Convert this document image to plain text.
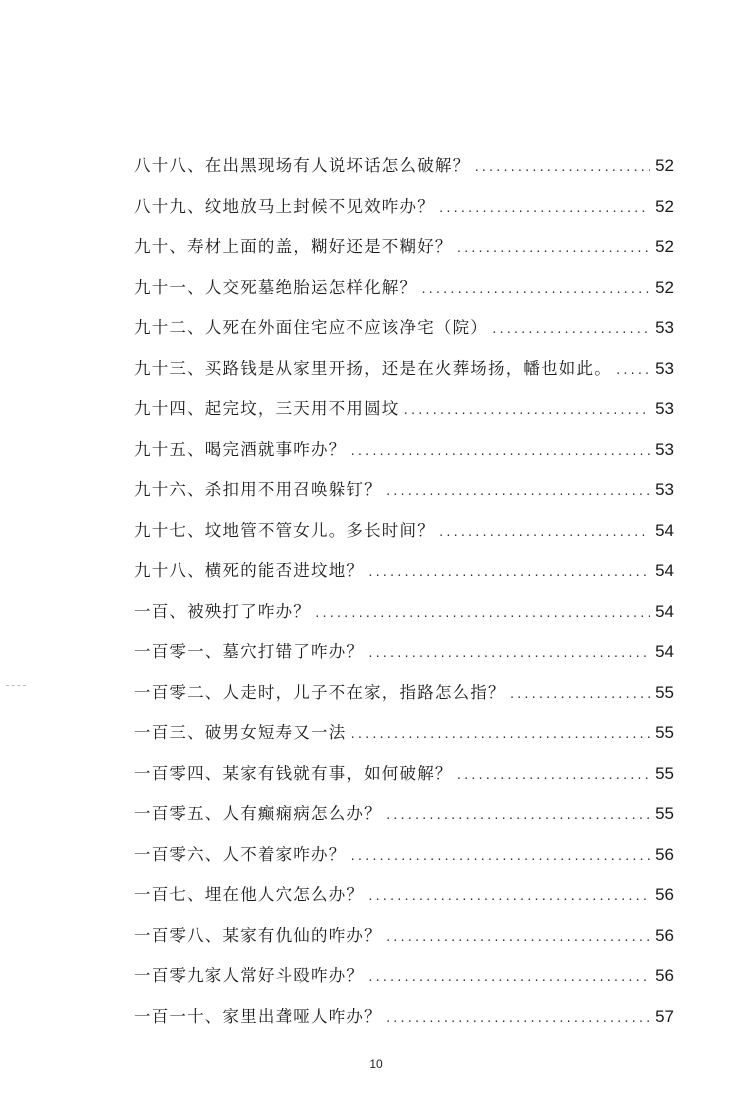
八十八、在出黑现场有人说坏话怎么破解？ .....	52
八十九、纹地放马上封候不见效咋办？ .....	52
九十、寿材上面的盖，糊好还是不糊好？ .....	52
九十一、人交死墓绝胎运怎样化解？ .....	52
九十二、人死在外面住宅应不应该净宅（院） .....	53
九十三、买路钱是从家里开扬，还是在火葬场扬，幡也如此。 .....	53
九十四、起完坟，三天用不用圆坟 .....	53
九十五、喝完酒就事咋办？ .....	53
九十六、杀扣用不用召唤躲钉？ .....	53
九十七、坟地管不管女儿。多长时间？ .....	54
九十八、横死的能否进坟地？ .....	54
一百、被殃打了咋办？ .....	54
一百零一、墓穴打错了咋办？ .....	54
一百零二、人走时，儿子不在家，指路怎么指？ .....	55
一百三、破男女短寿又一法 .....	55
一百零四、某家有钱就有事，如何破解？ .....	55
一百零五、人有癫痫病怎么办？ .....	55
一百零六、人不着家咋办？ .....	56
一百七、埋在他人穴怎么办？ .....	56
一百零八、某家有仇仙的咋办？ .....	56
一百零九家人常好斗殴咋办？ .....	56
一百一十、家里出聋哑人咋办？ .....	57
10
